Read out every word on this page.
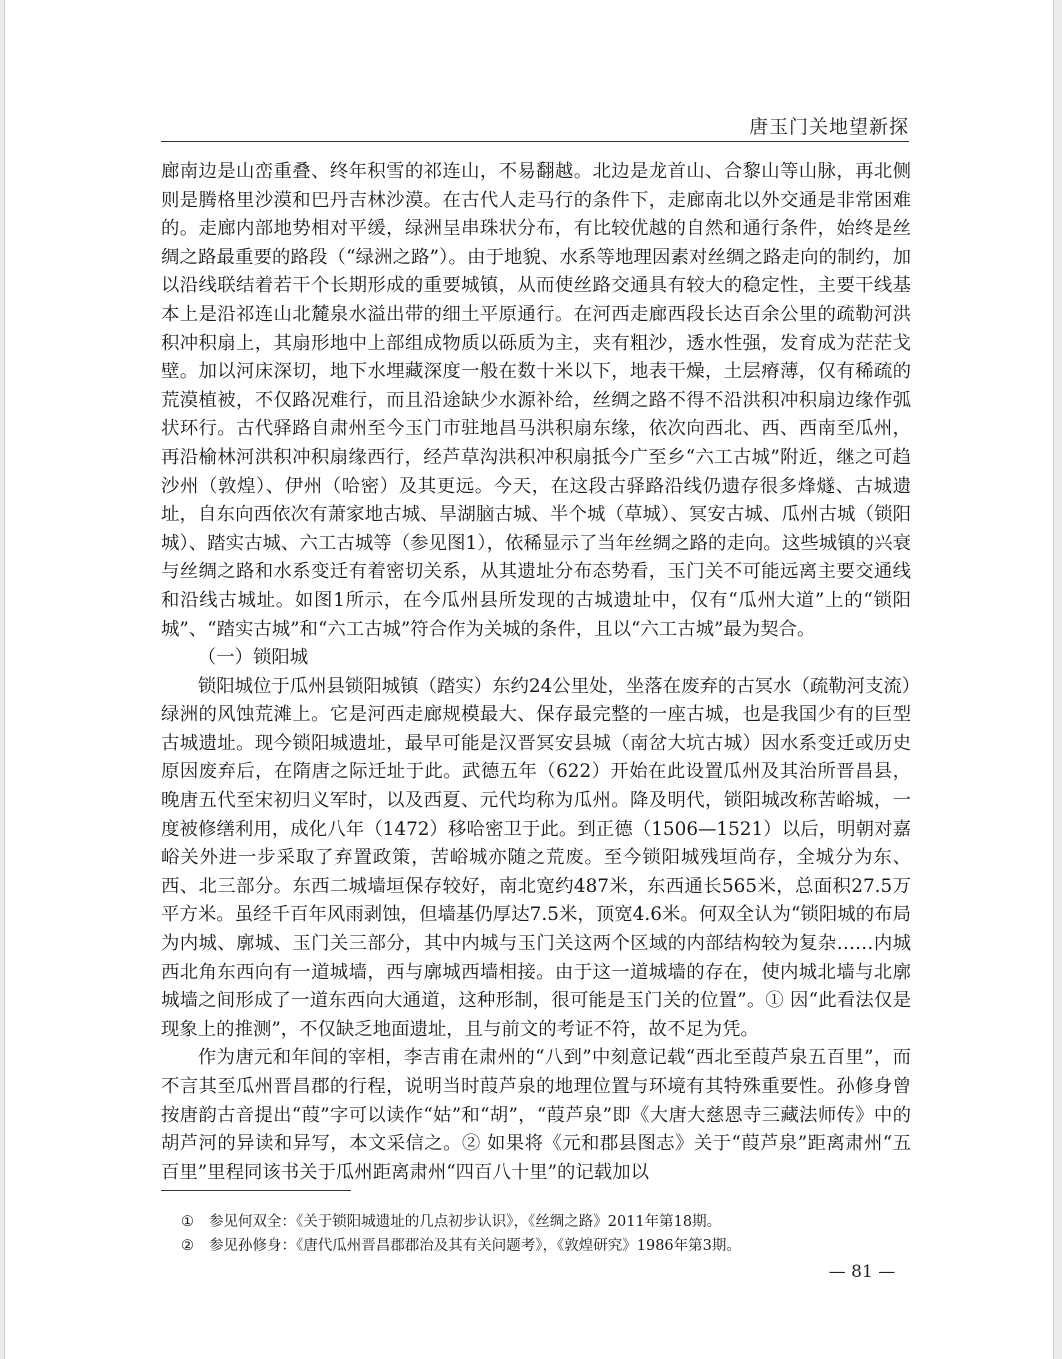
唐玉门关地望新探

廊南边是山峦重叠、终年积雪的祁连山，不易翻越。北边是龙首山、合黎山等山脉，再北侧则是腾格里沙漠和巴丹吉林沙漠。在古代人走马行的条件下，走廊南北以外交通是非常困难的。走廊内部地势相对平缓，绿洲呈串珠状分布，有比较优越的自然和通行条件，始终是丝绸之路最重要的路段（“绿洲之路”）。由于地貌、水系等地理因素对丝绸之路走向的制约，加以沿线联结着若干个长期形成的重要城镇，从而使丝路交通具有较大的稳定性，主要干线基本上是沿祁连山北麓泉水溢出带的细土平原通行。在河西走廊西段长达百余公里的疏勒河洪积冲积扇上，其扇形地中上部组成物质以砾质为主，夹有粗沙，透水性强，发育成为茫茫戈壁。加以河床深切，地下水埋藏深度一般在数十米以下，地表干燥，土层瘠薄，仅有稀疏的荒漠植被，不仅路况难行，而且沿途缺少水源补给，丝绸之路不得不沿洪积冲积扇边缘作弧状环行。古代驿路自肃州至今玉门市驻地昌马洪积扇东缘，依次向西北、西、西南至瓜州，再沿榆林河洪积冲积扇缘西行，经芦草沟洪积冲积扇抵今广至乡“六工古城”附近，继之可趋沙州（敦煌）、伊州（哈密）及其更远。今天，在这段古驿路沿线仍遗存很多烽燧、古城遗址，自东向西依次有萧家地古城、旱湖脑古城、半个城（草城）、冥安古城、瓜州古城（锁阳城）、踏实古城、六工古城等（参见图1），依稀显示了当年丝绸之路的走向。这些城镇的兴衰与丝绸之路和水系变迁有着密切关系，从其遗址分布态势看，玉门关不可能远离主要交通线和沿线古城址。如图1所示，在今瓜州县所发现的古城遗址中，仅有“瓜州大道”上的“锁阳城”、“踏实古城”和“六工古城”符合作为关城的条件，且以“六工古城”最为契合。

（一）锁阳城

锁阳城位于瓜州县锁阳城镇（踏实）东约24公里处，坐落在废弃的古冥水（疏勒河支流）绿洲的风蚀荒滩上。它是河西走廊规模最大、保存最完整的一座古城，也是我国少有的巨型古城遗址。现今锁阳城遗址，最早可能是汉晋冥安县城（南岔大坑古城）因水系变迁或历史原因废弃后，在隋唐之际迁址于此。武德五年（622）开始在此设置瓜州及其治所晋昌县，晚唐五代至宋初归义军时，以及西夏、元代均称为瓜州。降及明代，锁阳城改称苦峪城，一度被修缮利用，成化八年（1472）移哈密卫于此。到正德（1506—1521）以后，明朝对嘉峪关外进一步采取了弃置政策，苦峪城亦随之荒废。至今锁阳城残垣尚存，全城分为东、西、北三部分。东西二城墙垣保存较好，南北宽约487米，东西通长565米，总面积27.5万平方米。虽经千百年风雨剥蚀，但墙基仍厚达7.5米，顶宽4.6米。何双全认为“锁阳城的布局为内城、廓城、玉门关三部分，其中内城与玉门关这两个区域的内部结构较为复杂……内城西北角东西向有一道城墙，西与廓城西墙相接。由于这一道城墙的存在，使内城北墙与北廓城墙之间形成了一道东西向大通道，这种形制，很可能是玉门关的位置”。① 因“此看法仅是现象上的推测”，不仅缺乏地面遗址，且与前文的考证不符，故不足为凭。

作为唐元和年间的宰相，李吉甫在肃州的“八到”中刻意记载“西北至葭芦泉五百里”，而不言其至瓜州晋昌郡的行程，说明当时葭芦泉的地理位置与环境有其特殊重要性。孙修身曾按唐韵古音提出“葭”字可以读作“姑”和“胡”，“葭芦泉”即《大唐大慈恩寺三藏法师传》中的胡芦河的异读和异写，本文采信之。② 如果将《元和郡县图志》关于“葭芦泉”距离肃州“五百里”里程同该书关于瓜州距离肃州“四百八十里”的记载加以

① 参见何双全：《关于锁阳城遗址的几点初步认识》，《丝绸之路》2011年第18期。
② 参见孙修身：《唐代瓜州晋昌郡郡治及其有关问题考》，《敦煌研究》1986年第3期。
— 81 —
